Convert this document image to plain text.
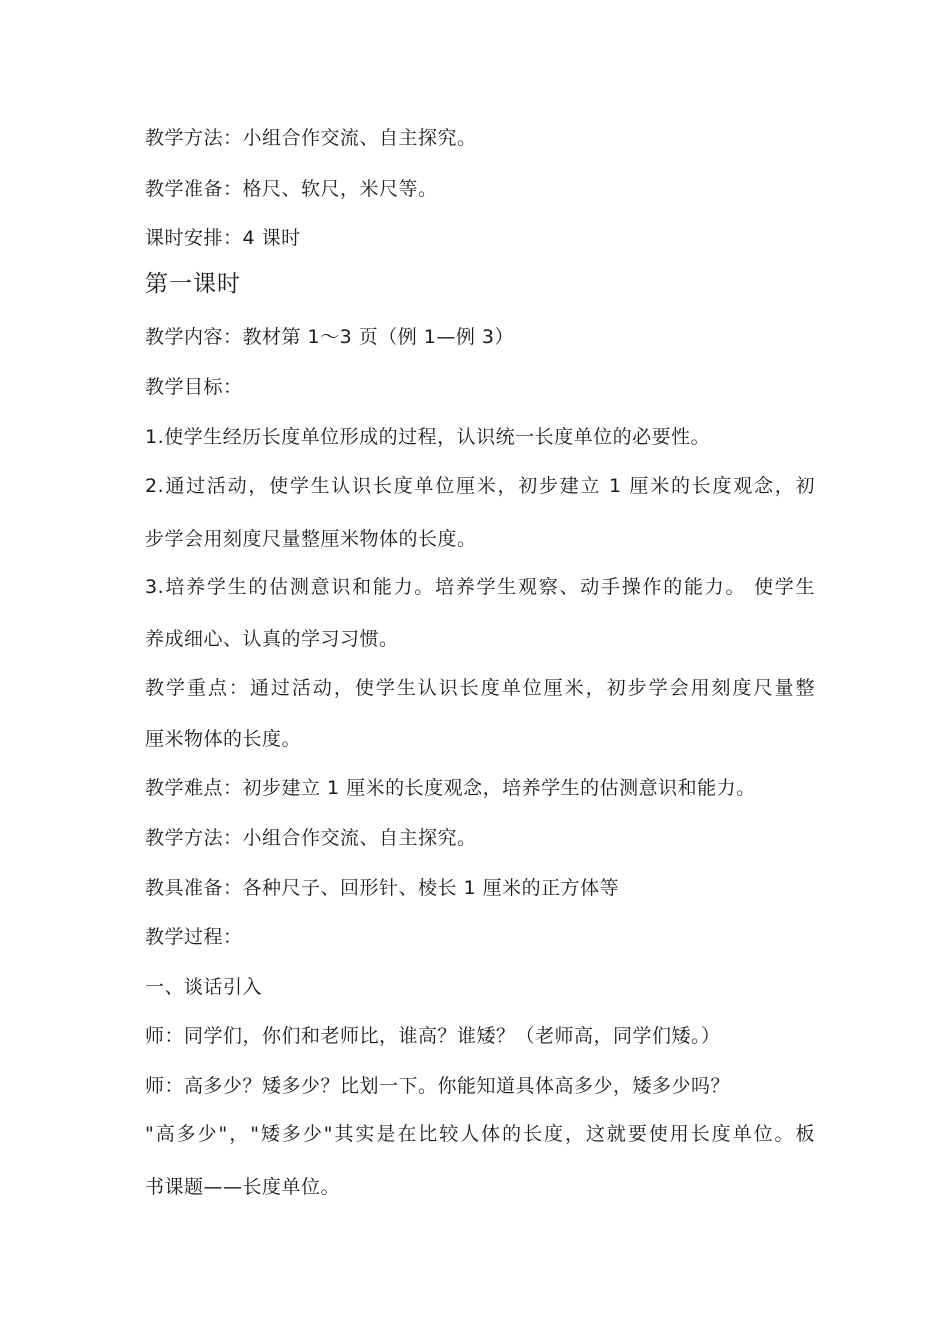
教学方法：小组合作交流、自主探究。
教学准备：格尺、软尺，米尺等。
课时安排：4 课时
第一课时
教学内容：教材第 1～3 页（例 1—例 3）
教学目标：
1.使学生经历长度单位形成的过程，认识统一长度单位的必要性。
2.通过活动，使学生认识长度单位厘米，初步建立 1 厘米的长度观念，初
步学会用刻度尺量整厘米物体的长度。
3.培养学生的估测意识和能力。培养学生观察、动手操作的能力。 使学生
养成细心、认真的学习习惯。
教学重点：通过活动，使学生认识长度单位厘米，初步学会用刻度尺量整
厘米物体的长度。
教学难点：初步建立 1 厘米的长度观念，培养学生的估测意识和能力。
教学方法：小组合作交流、自主探究。
教具准备：各种尺子、回形针、棱长 1 厘米的正方体等
教学过程：
一、谈话引入
师：同学们，你们和老师比，谁高？谁矮？（老师高，同学们矮。）
师：高多少？矮多少？比划一下。你能知道具体高多少，矮多少吗？
"高多少"，"矮多少"其实是在比较人体的长度，这就要使用长度单位。板
书课题——长度单位。
